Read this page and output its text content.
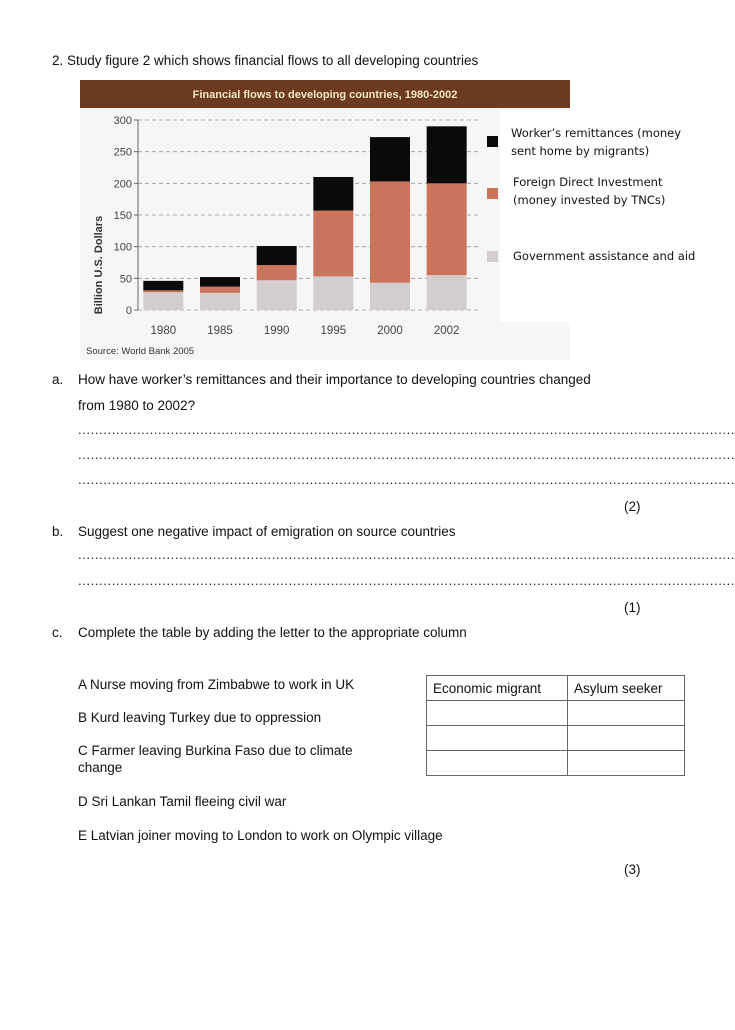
2. Study figure 2 which shows financial flows to all developing countries
Financial flows to developing countries, 1980-2002
Billion U.S. Dollars 0
50
100
150
200
250
300
1980	1985	1990	1995	2000	2002
Source: World Bank 2005
Worker’s remittances (money
sent home by migrants)
Foreign Direct Investment
(money invested by TNCs)
Government assistance and aid
a. How have worker’s remittances and their importance to developing countries changed
from 1980 to 2002?
............................................................................................................................................................
............................................................................................................................................................
............................................................................................................................................................
(2)
b. Suggest one negative impact of emigration on source countries
............................................................................................................................................................
............................................................................................................................................................
(1)
c. Complete the table by adding the letter to the appropriate column
A Nurse moving from Zimbabwe to work in UK
B Kurd leaving Turkey due to oppression
C Farmer leaving Burkina Faso due to climate
change
D Sri Lankan Tamil fleeing civil war
E Latvian joiner moving to London to work on Olympic village
Economic migrant	Asylum seeker

(3)
